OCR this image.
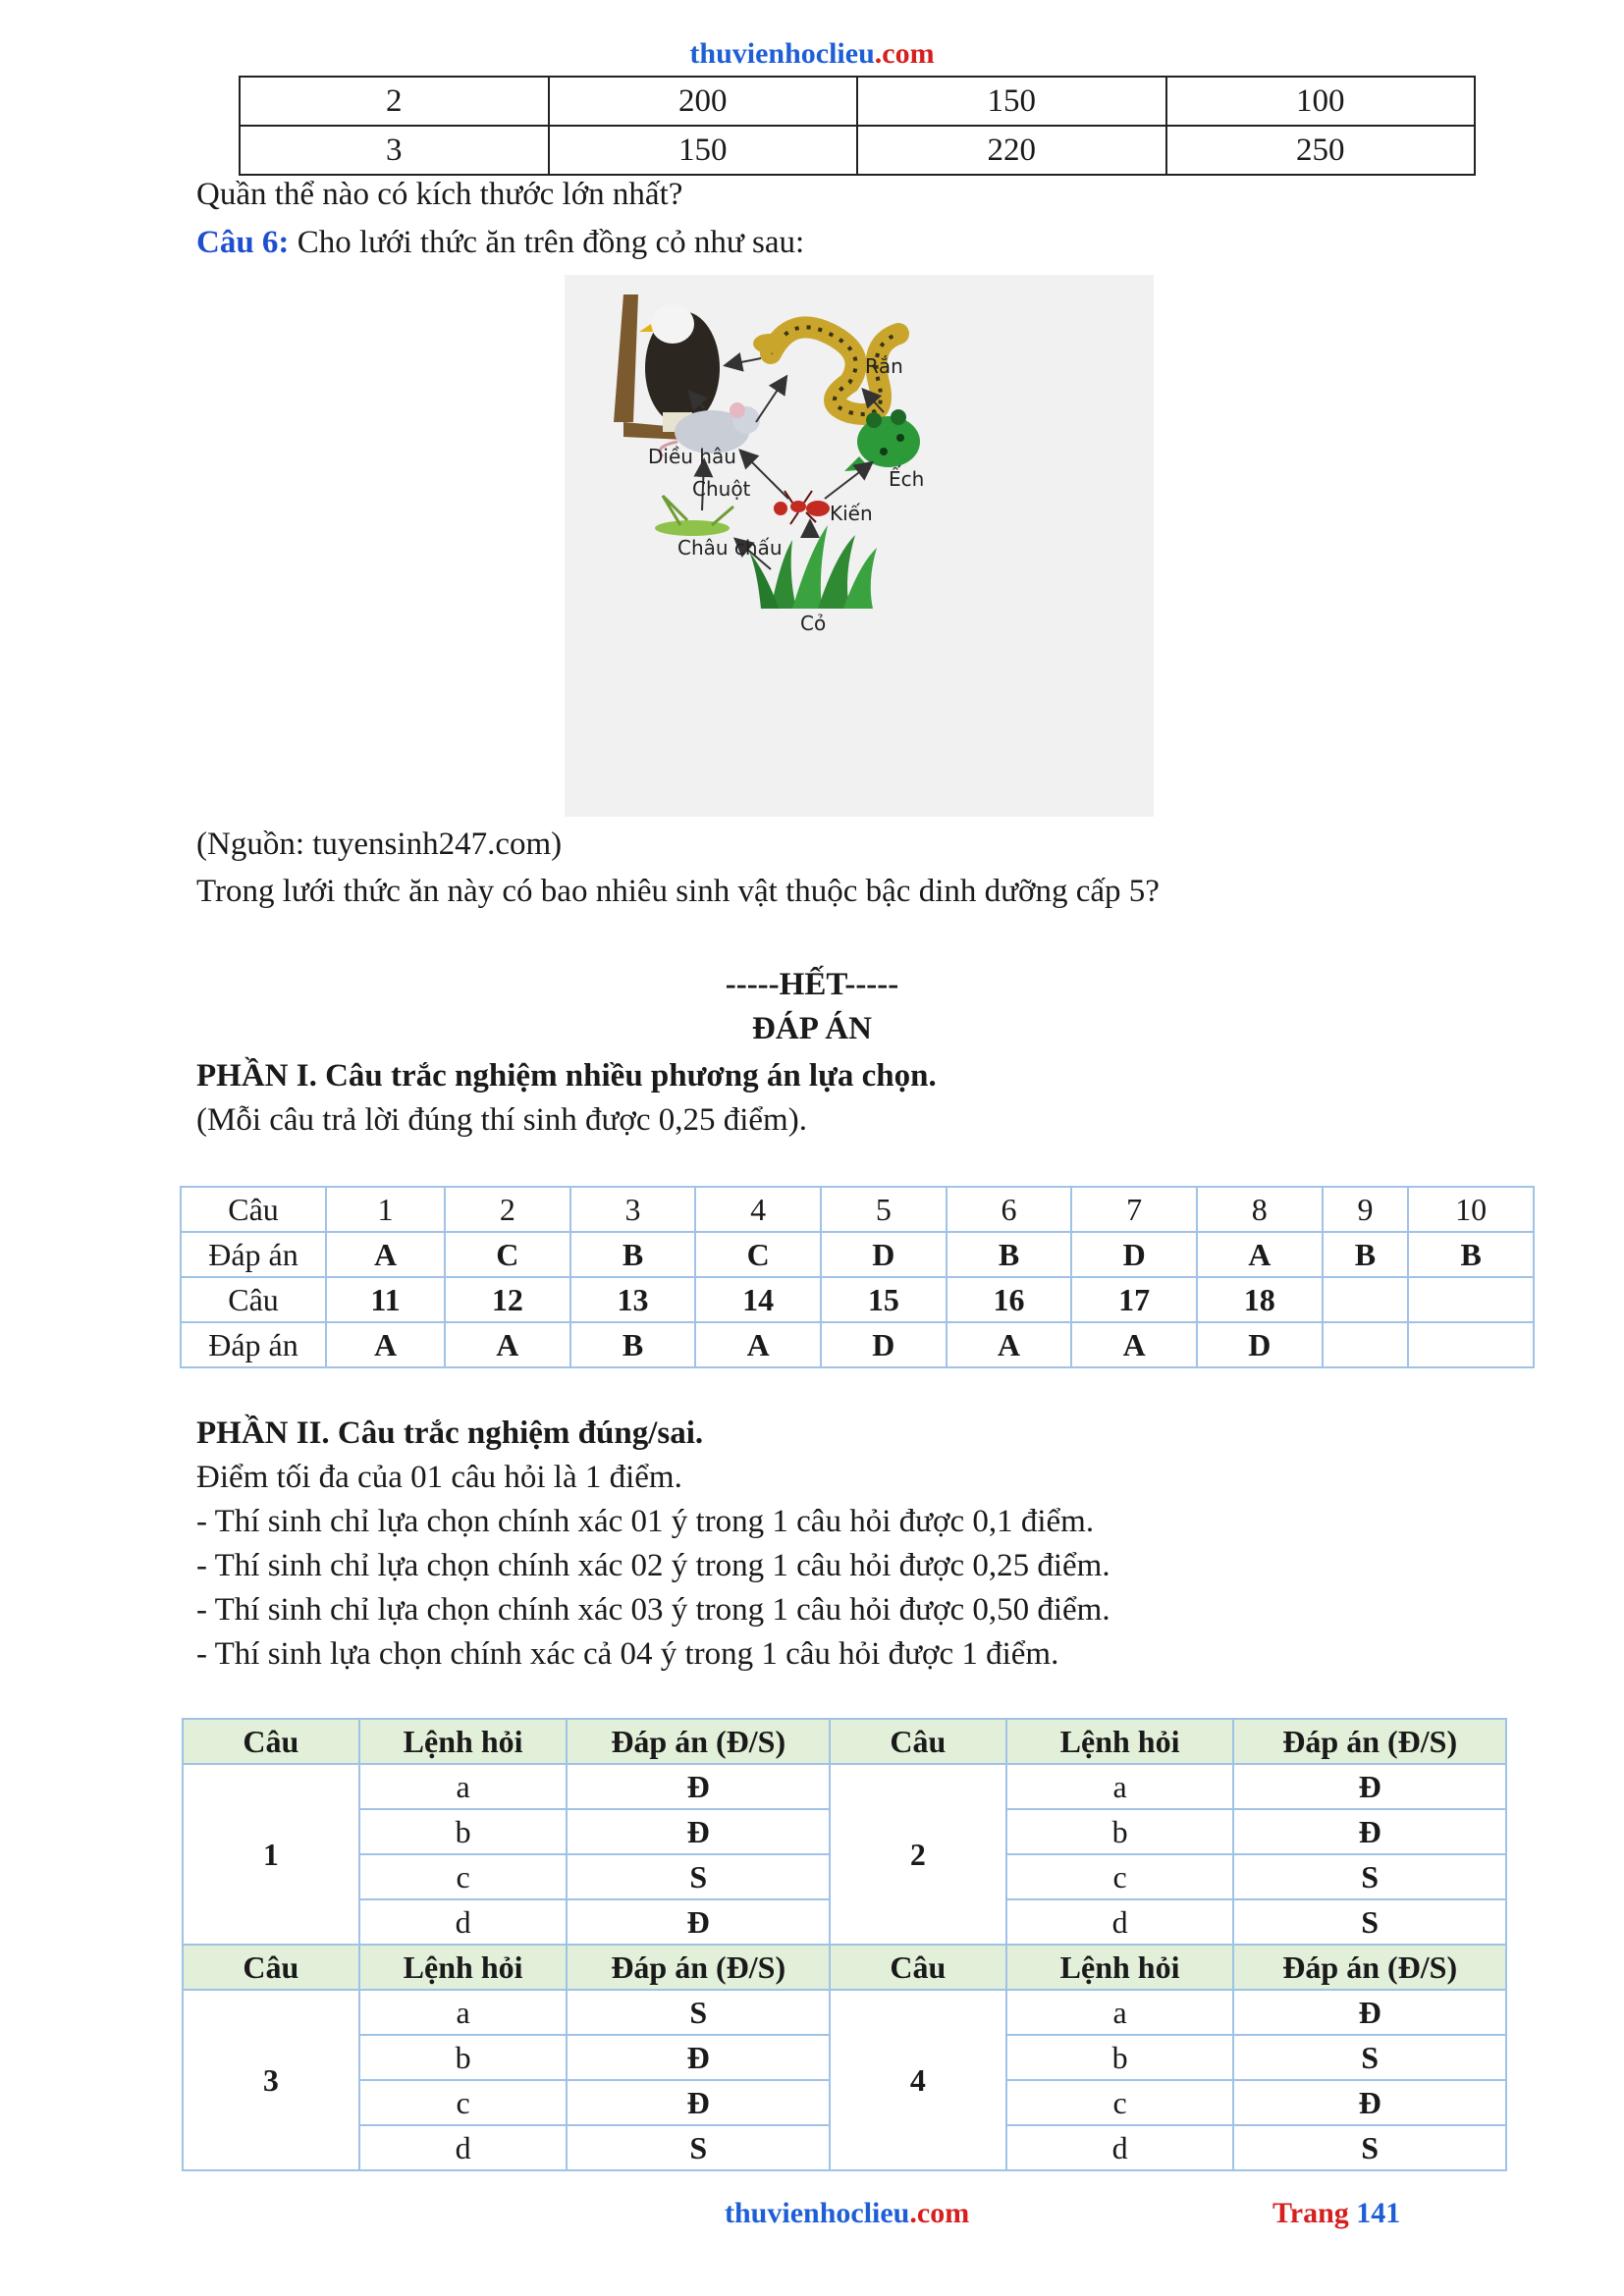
thuvienhoclieu.com
2	200	150	100
3	150	220	250
Quần thể nào có kích thước lớn nhất?
Câu 6: Cho lưới thức ăn trên đồng cỏ như sau:
Diều hâu
Rắn
Chuột	Ếch
Kiến
Châu chấu
Cỏ
(Nguồn: tuyensinh247.com)
Trong lưới thức ăn này có bao nhiêu sinh vật thuộc bậc dinh dưỡng cấp 5?
-----HẾT-----
ĐÁP ÁN
PHẦN I. Câu trắc nghiệm nhiều phương án lựa chọn.
(Mỗi câu trả lời đúng thí sinh được 0,25 điểm).
Câu	1	2	3	4	5	6	7	8	9	10
Đáp án	A	C	B	C	D	B	D	A	B	B
Câu	11	12	13	14	15	16	17	18		
Đáp án	A	A	B	A	D	A	A	D		
PHẦN II. Câu trắc nghiệm đúng/sai.
Điểm tối đa của 01 câu hỏi là 1 điểm.
- Thí sinh chỉ lựa chọn chính xác 01 ý trong 1 câu hỏi được 0,1 điểm.
- Thí sinh chỉ lựa chọn chính xác 02 ý trong 1 câu hỏi được 0,25 điểm.
- Thí sinh chỉ lựa chọn chính xác 03 ý trong 1 câu hỏi được 0,50 điểm.
- Thí sinh lựa chọn chính xác cả 04 ý trong 1 câu hỏi được 1 điểm.
Câu	Lệnh hỏi	Đáp án (Đ/S)	Câu	Lệnh hỏi	Đáp án (Đ/S)
1	a	Đ	2	a	Đ
	b	Đ		b	Đ
	c	S		c	S
	d	Đ		d	S
Câu	Lệnh hỏi	Đáp án (Đ/S)	Câu	Lệnh hỏi	Đáp án (Đ/S)
3	a	S	4	a	Đ
	b	Đ		b	S
	c	Đ		c	Đ
	d	S		d	S
thuvienhoclieu.com	Trang 141
